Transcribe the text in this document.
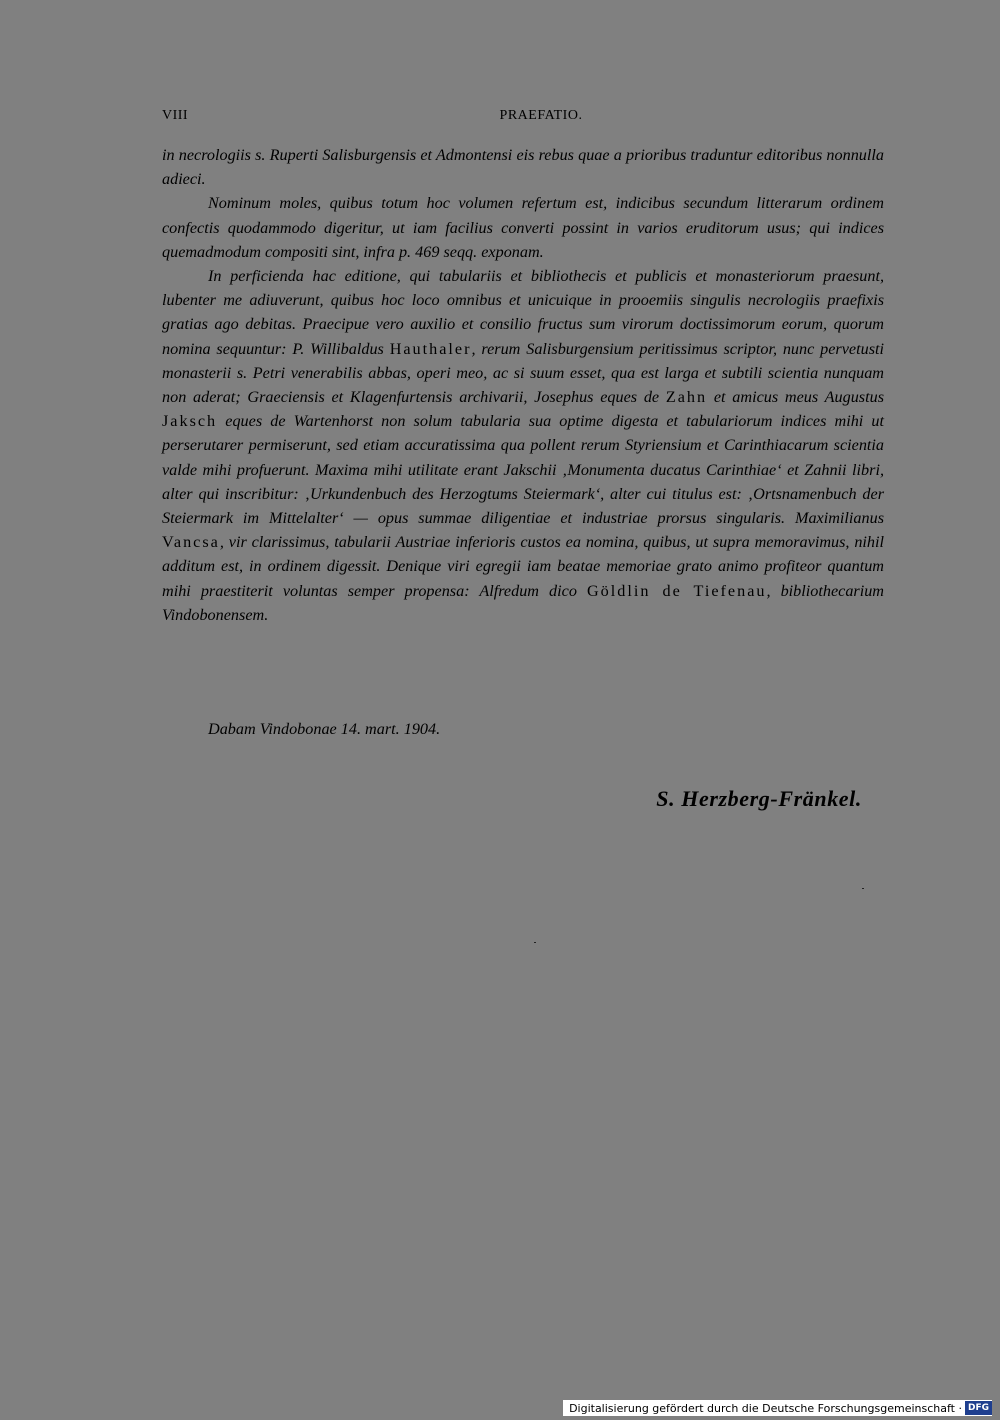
VIII	PRAEFATIO.

in necrologiis s. Ruperti Salisburgensis et Admontensi eis rebus quae a prioribus traduntur editoribus nonnulla adieci.

Nominum moles, quibus totum hoc volumen refertum est, indicibus secundum litterarum ordinem confectis quodammodo digeritur, ut iam facilius converti possint in varios eruditorum usus; qui indices quemadmodum compositi sint, infra p. 469 seqq. exponam.

In perficienda hac editione, qui tabulariis et bibliothecis et publicis et monasteriorum praesunt, lubenter me adiuverunt, quibus hoc loco omnibus et unicuique in prooemiis singulis necrologiis praefixis gratias ago debitas. Praecipue vero auxilio et consilio fructus sum virorum doctissimorum eorum, quorum nomina sequuntur: P. Willibaldus Hauthaler, rerum Salisburgensium peritissimus scriptor, nunc pervetusti monasterii s. Petri venerabilis abbas, operi meo, ac si suum esset, qua est larga et subtili scientia nunquam non aderat; Graeciensis et Klagenfurtensis archivarii, Josephus eques de Zahn et amicus meus Augustus Jaksch eques de Wartenhorst non solum tabularia sua optime digesta et tabulariorum indices mihi ut perserutarer permiserunt, sed etiam accuratissima qua pollent rerum Styriensium et Carinthiacarum scientia valde mihi profuerunt. Maxima mihi utilitate erant Jakschii ‚Monumenta ducatus Carinthiae‘ et Zahnii libri, alter qui inscribitur: ‚Urkundenbuch des Herzogtums Steiermark‘, alter cui titulus est: ‚Ortsnamenbuch der Steiermark im Mittelalter‘ — opus summae diligentiae et industriae prorsus singularis. Maximilianus Vancsa, vir clarissimus, tabularii Austriae inferioris custos ea nomina, quibus, ut supra memoravimus, nihil additum est, in ordinem digessit. Denique viri egregii iam beatae memoriae grato animo profiteor quantum mihi praestiterit voluntas semper propensa: Alfredum dico Göldlin de Tiefenau, bibliothecarium Vindobonensem.

Dabam Vindobonae 14. mart. 1904.
S. Herzberg-Fränkel.
Digitalisierung gefördert durch die Deutsche Forschungsgemeinschaft · DFG
